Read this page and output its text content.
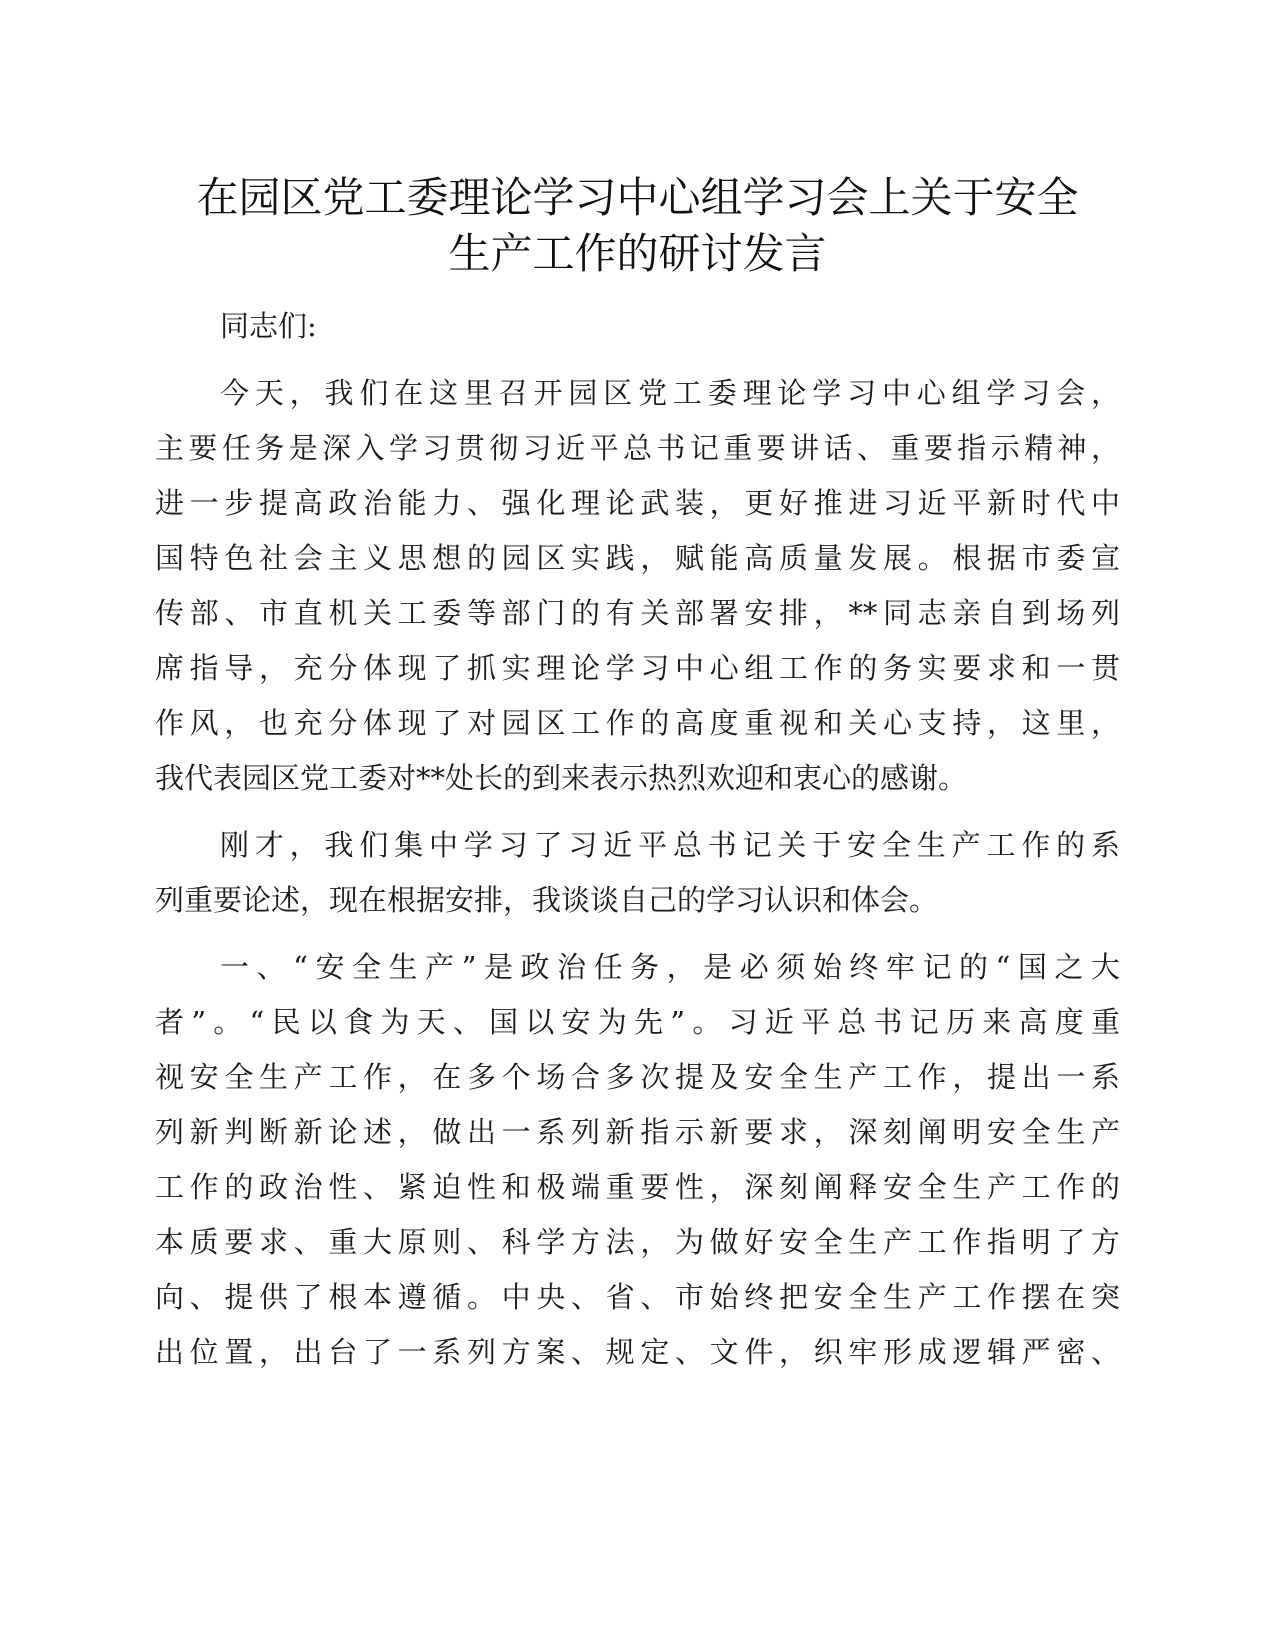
在园区党工委理论学习中心组学习会上关于安全
生产工作的研讨发言
同志们:
今天，我们在这里召开园区党工委理论学习中心组学习会，
主要任务是深入学习贯彻习近平总书记重要讲话、重要指示精神，
进一步提高政治能力、强化理论武装，更好推进习近平新时代中
国特色社会主义思想的园区实践，赋能高质量发展。根据市委宣
传部、市直机关工委等部门的有关部署安排，**同志亲自到场列
席指导，充分体现了抓实理论学习中心组工作的务实要求和一贯
作风，也充分体现了对园区工作的高度重视和关心支持，这里，
我代表园区党工委对**处长的到来表示热烈欢迎和衷心的感谢。
刚才，我们集中学习了习近平总书记关于安全生产工作的系
列重要论述，现在根据安排，我谈谈自己的学习认识和体会。
一、“安全生产”是政治任务，是必须始终牢记的“国之大
者”。“民以食为天、国以安为先”。习近平总书记历来高度重
视安全生产工作，在多个场合多次提及安全生产工作，提出一系
列新判断新论述，做出一系列新指示新要求，深刻阐明安全生产
工作的政治性、紧迫性和极端重要性，深刻阐释安全生产工作的
本质要求、重大原则、科学方法，为做好安全生产工作指明了方
向、提供了根本遵循。中央、省、市始终把安全生产工作摆在突
出位置，出台了一系列方案、规定、文件，织牢形成逻辑严密、
